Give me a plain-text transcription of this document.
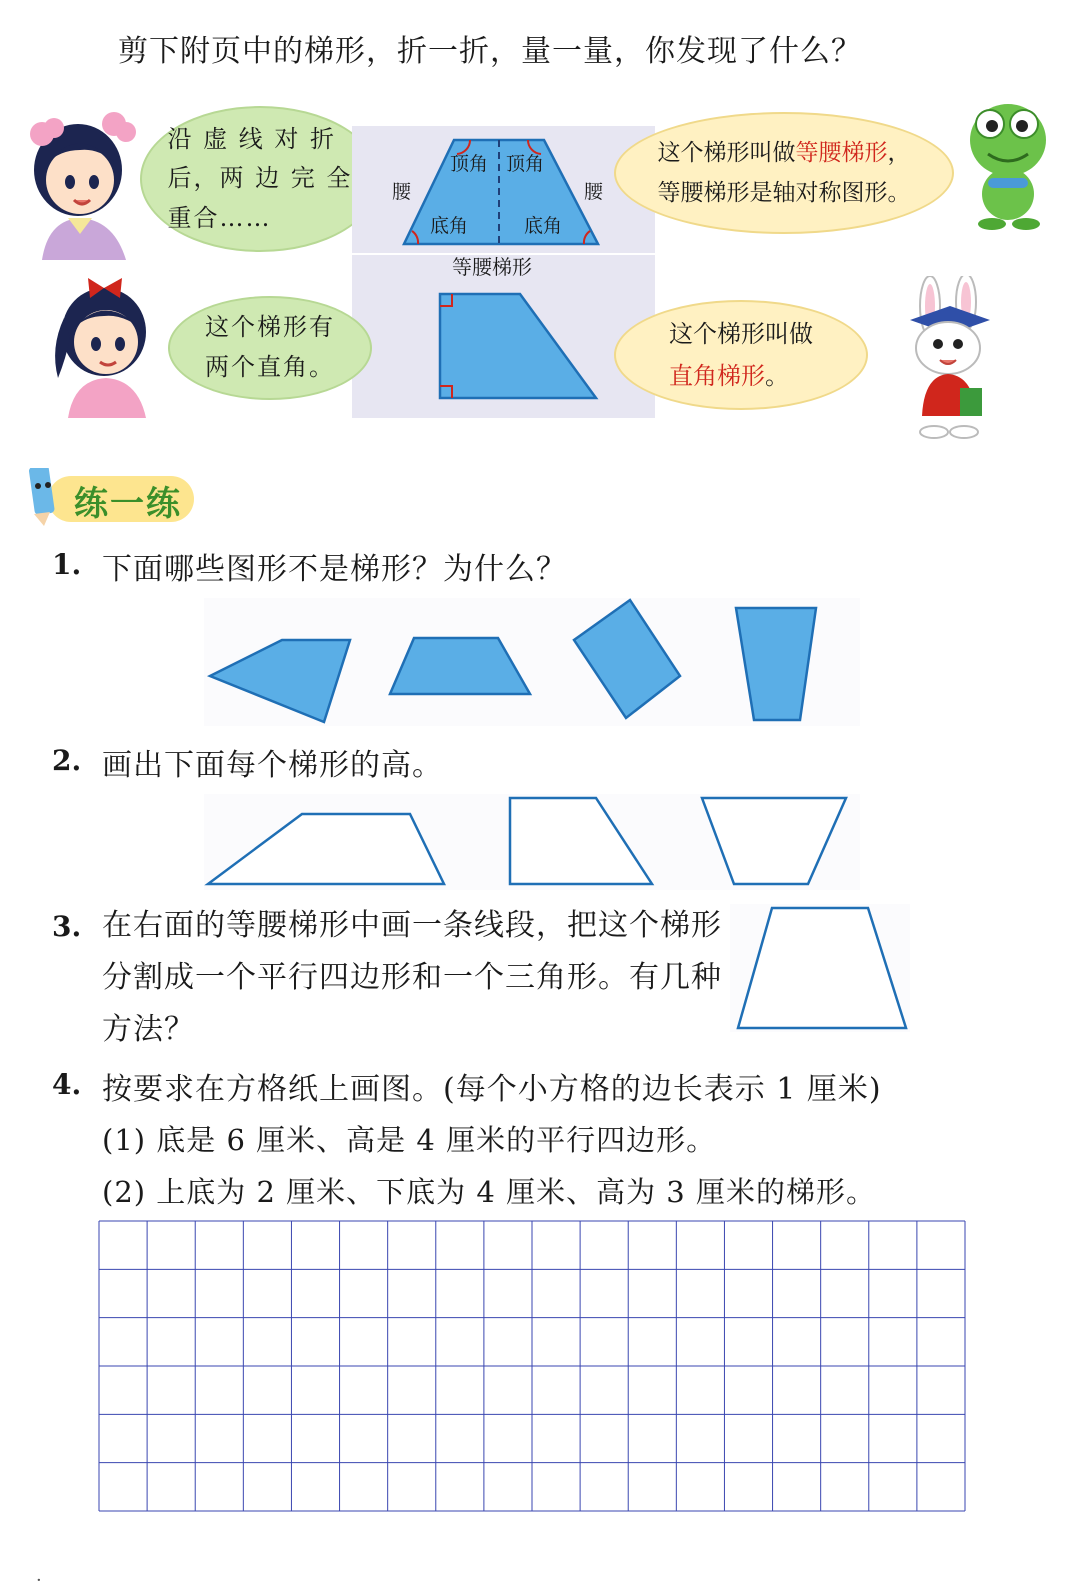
剪下附页中的梯形，折一折，量一量，你发现了什么？
沿 虚 线 对 折
后，两 边 完 全
重合……
顶角 顶角
底角	底角
腰	腰
等腰梯形
这个梯形叫做等腰梯形，
等腰梯形是轴对称图形。
这个梯形有
两个直角。
这个梯形叫做
直角梯形。
练一练
1. 下面哪些图形不是梯形？为什么？
2. 画出下面每个梯形的高。
3. 在右面的等腰梯形中画一条线段，把这个梯形分割成一个平行四边形和一个三角形。有几种方法？
4. 按要求在方格纸上画图。(每个小方格的边长表示 1 厘米)
(1) 底是 6 厘米、高是 4 厘米的平行四边形。
(2) 上底为 2 厘米、下底为 4 厘米、高为 3 厘米的梯形。
·
